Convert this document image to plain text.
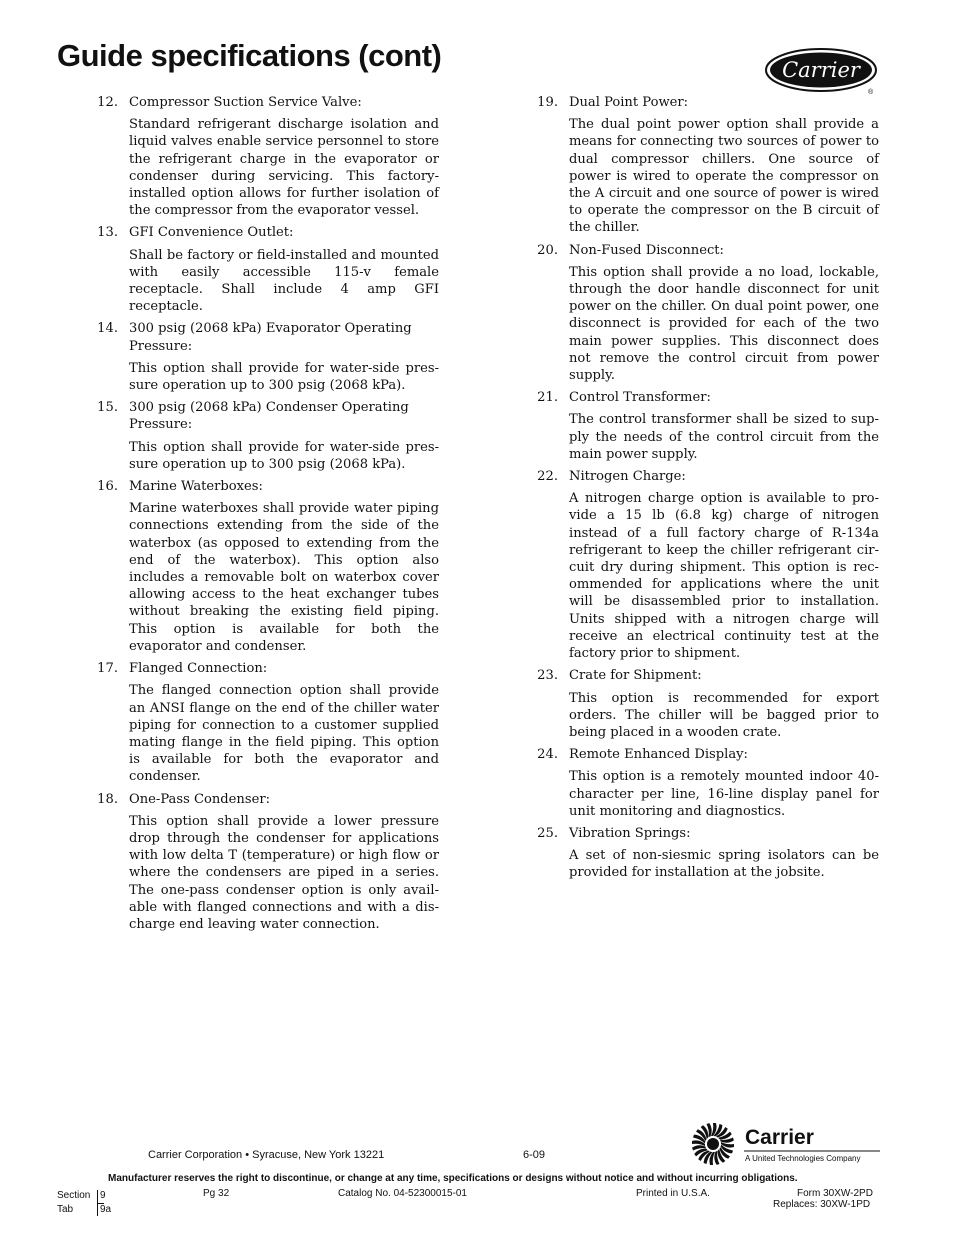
Guide specifications (cont)	Carrier
®
12. Compressor Suction Service Valve:
Standard refrigerant discharge isolation and liquid valves enable service personnel to store the refrigerant charge in the evaporator or condenser during servicing. This factory-installed option allows for further isolation of the compressor from the evaporator vessel.
13. GFI Convenience Outlet:
Shall be factory or field-installed and mounted with easily accessible 115-v female receptacle. Shall include 4 amp GFI receptacle.
14. 300 psig (2068 kPa) Evaporator Operating Pressure:
This option shall provide for water-side pres-sure operation up to 300 psig (2068 kPa).
15. 300 psig (2068 kPa) Condenser Operating Pressure:
This option shall provide for water-side pres-sure operation up to 300 psig (2068 kPa).
16. Marine Waterboxes:
Marine waterboxes shall provide water piping connections extending from the side of the waterbox (as opposed to extending from the end of the waterbox). This option also includes a removable bolt on waterbox cover allowing access to the heat exchanger tubes without breaking the existing field piping. This option is available for both the evaporator and condenser.
17. Flanged Connection:
The flanged connection option shall provide an ANSI flange on the end of the chiller water piping for connection to a customer supplied mating flange in the field piping. This option is available for both the evaporator and condenser.
18. One-Pass Condenser:
This option shall provide a lower pressure drop through the condenser for applications with low delta T (temperature) or high flow or where the condensers are piped in a series. The one-pass condenser option is only avail-able with flanged connections and with a dis-charge end leaving water connection.
19. Dual Point Power:
The dual point power option shall provide a means for connecting two sources of power to dual compressor chillers. One source of power is wired to operate the compressor on the A circuit and one source of power is wired to operate the compressor on the B circuit of the chiller.
20. Non-Fused Disconnect:
This option shall provide a no load, lockable, through the door handle disconnect for unit power on the chiller. On dual point power, one disconnect is provided for each of the two main power supplies. This disconnect does not remove the control circuit from power supply.
21. Control Transformer:
The control transformer shall be sized to sup-ply the needs of the control circuit from the main power supply.
22. Nitrogen Charge:
A nitrogen charge option is available to pro-vide a 15 lb (6.8 kg) charge of nitrogen instead of a full factory charge of R-134a refrigerant to keep the chiller refrigerant cir-cuit dry during shipment. This option is rec-ommended for applications where the unit will be disassembled prior to installation. Units shipped with a nitrogen charge will receive an electrical continuity test at the factory prior to shipment.
23. Crate for Shipment:
This option is recommended for export orders. The chiller will be bagged prior to being placed in a wooden crate.
24. Remote Enhanced Display:
This option is a remotely mounted indoor 40-character per line, 16-line display panel for unit monitoring and diagnostics.
25. Vibration Springs:
A set of non-siesmic spring isolators can be provided for installation at the jobsite.
Carrier Corporation • Syracuse, New York 13221	6-09
Carrier
A United Technologies Company
Manufacturer reserves the right to discontinue, or change at any time, specifications or designs without notice and without incurring obligations.
Section 9
Tab	9a
Pg 32	Catalog No. 04-52300015-01	Printed in U.S.A.	Form 30XW-2PD
Replaces: 30XW-1PD
